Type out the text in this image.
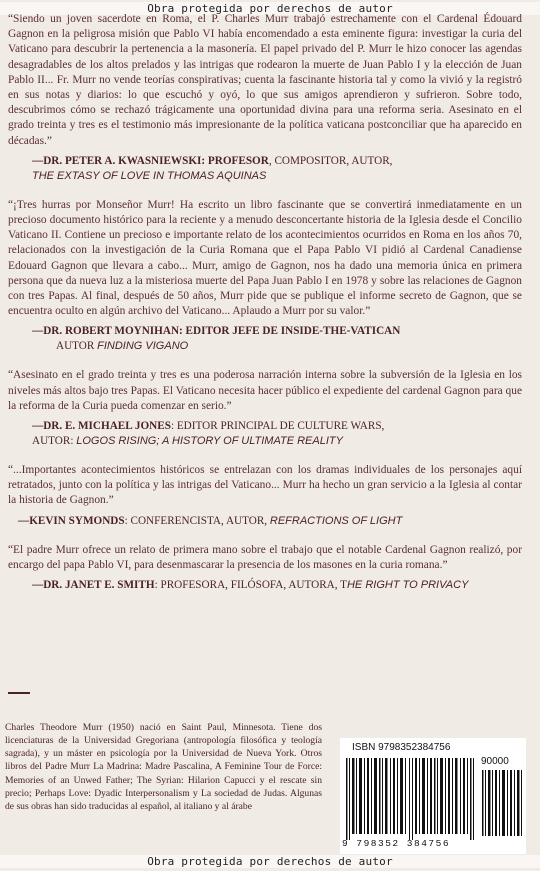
Obra protegida por derechos de autor

“Siendo un joven sacerdote en Roma, el P. Charles Murr trabajó estrechamente con el Cardenal Édouard Gagnon en la peligrosa misión que Pablo VI había encomendado a esta eminente figura: investigar la curia del Vaticano para descubrir la pertenencia a la masonería. El papel privado del P. Murr le hizo conocer las agendas desagradables de los altos prelados y las intrigas que rodearon la muerte de Juan Pablo I y la elección de Juan Pablo II... Fr. Murr no vende teorías conspirativas; cuenta la fascinante historia tal y como la vivió y la registró en sus notas y diarios: lo que escuchó y oyó, lo que sus amigos aprendieron y sufrieron. Sobre todo, descubrimos cómo se rechazó trágicamente una oportunidad divina para una reforma seria. Asesinato en el grado treinta y tres es el testimonio más impresionante de la política vaticana postconciliar que ha aparecido en décadas.”

—DR. PETER A. KWASNIEWSKI: PROFESOR, COMPOSITOR, AUTOR,
THE EXTASY OF LOVE IN THOMAS AQUINAS

“¡Tres hurras por Monseñor Murr! Ha escrito un libro fascinante que se convertirá inmediatamente en un precioso documento histórico para la reciente y a menudo desconcertante historia de la Iglesia desde el Concilio Vaticano II. Contiene un precioso e importante relato de los acontecimientos ocurridos en Roma en los años 70, relacionados con la investigación de la Curia Romana que el Papa Pablo VI pidió al Cardenal Canadiense Edouard Gagnon que llevara a cabo... Murr, amigo de Gagnon, nos ha dado una memoria única en primera persona que da nueva luz a la misteriosa muerte del Papa Juan Pablo I en 1978 y sobre las relaciones de Gagnon con tres Papas. Al final, después de 50 años, Murr pide que se publique el informe secreto de Gagnon, que se encuentra oculto en algún archivo del Vaticano... Aplaudo a Murr por su valor.”

—DR. ROBERT MOYNIHAN: EDITOR JEFE DE INSIDE-THE-VATICAN
AUTOR FINDING VIGANO

“Asesinato en el grado treinta y tres es una poderosa narración interna sobre la subversión de la Iglesia en los niveles más altos bajo tres Papas. El Vaticano necesita hacer público el expediente del cardenal Gagnon para que la reforma de la Curia pueda comenzar en serio.”

—DR. E. MICHAEL JONES: EDITOR PRINCIPAL DE CULTURE WARS,
AUTOR: LOGOS RISING; A HISTORY OF ULTIMATE REALITY

“...Importantes acontecimientos históricos se entrelazan con los dramas individuales de los personajes aquí retratados, junto con la política y las intrigas del Vaticano... Murr ha hecho un gran servicio a la Iglesia al contar la historia de Gagnon.”

—KEVIN SYMONDS: CONFERENCISTA, AUTOR, REFRACTIONS OF LIGHT

“El padre Murr ofrece un relato de primera mano sobre el trabajo que el notable Cardenal Gagnon realizó, por encargo del papa Pablo VI, para desenmascarar la presencia de los masones en la curia romana.”

—DR. JANET E. SMITH: PROFESORA, FILÓSOFA, AUTORA, THE RIGHT TO PRIVACY

Charles Theodore Murr (1950) nació en Saint Paul, Minnesota. Tiene dos licenciaturas de la Universidad Gregoriana (antropología filosófica y teología sagrada), y un máster en psicología por la Universidad de Nueva York. Otros libros del Padre Murr La Madrina: Madre Pascalina, A Feminine Tour de Force: Memories of an Unwed Father; The Syrian: Hilarion Capucci y el rescate sin precio; Perhaps Love: Dyadic Interpersonalism y La sociedad de Judas. Algunas de sus obras han sido traducidas al español, al italiano y al árabe

ISBN 9798352384756
90000
9 798352 384756
Obra protegida por derechos de autor
